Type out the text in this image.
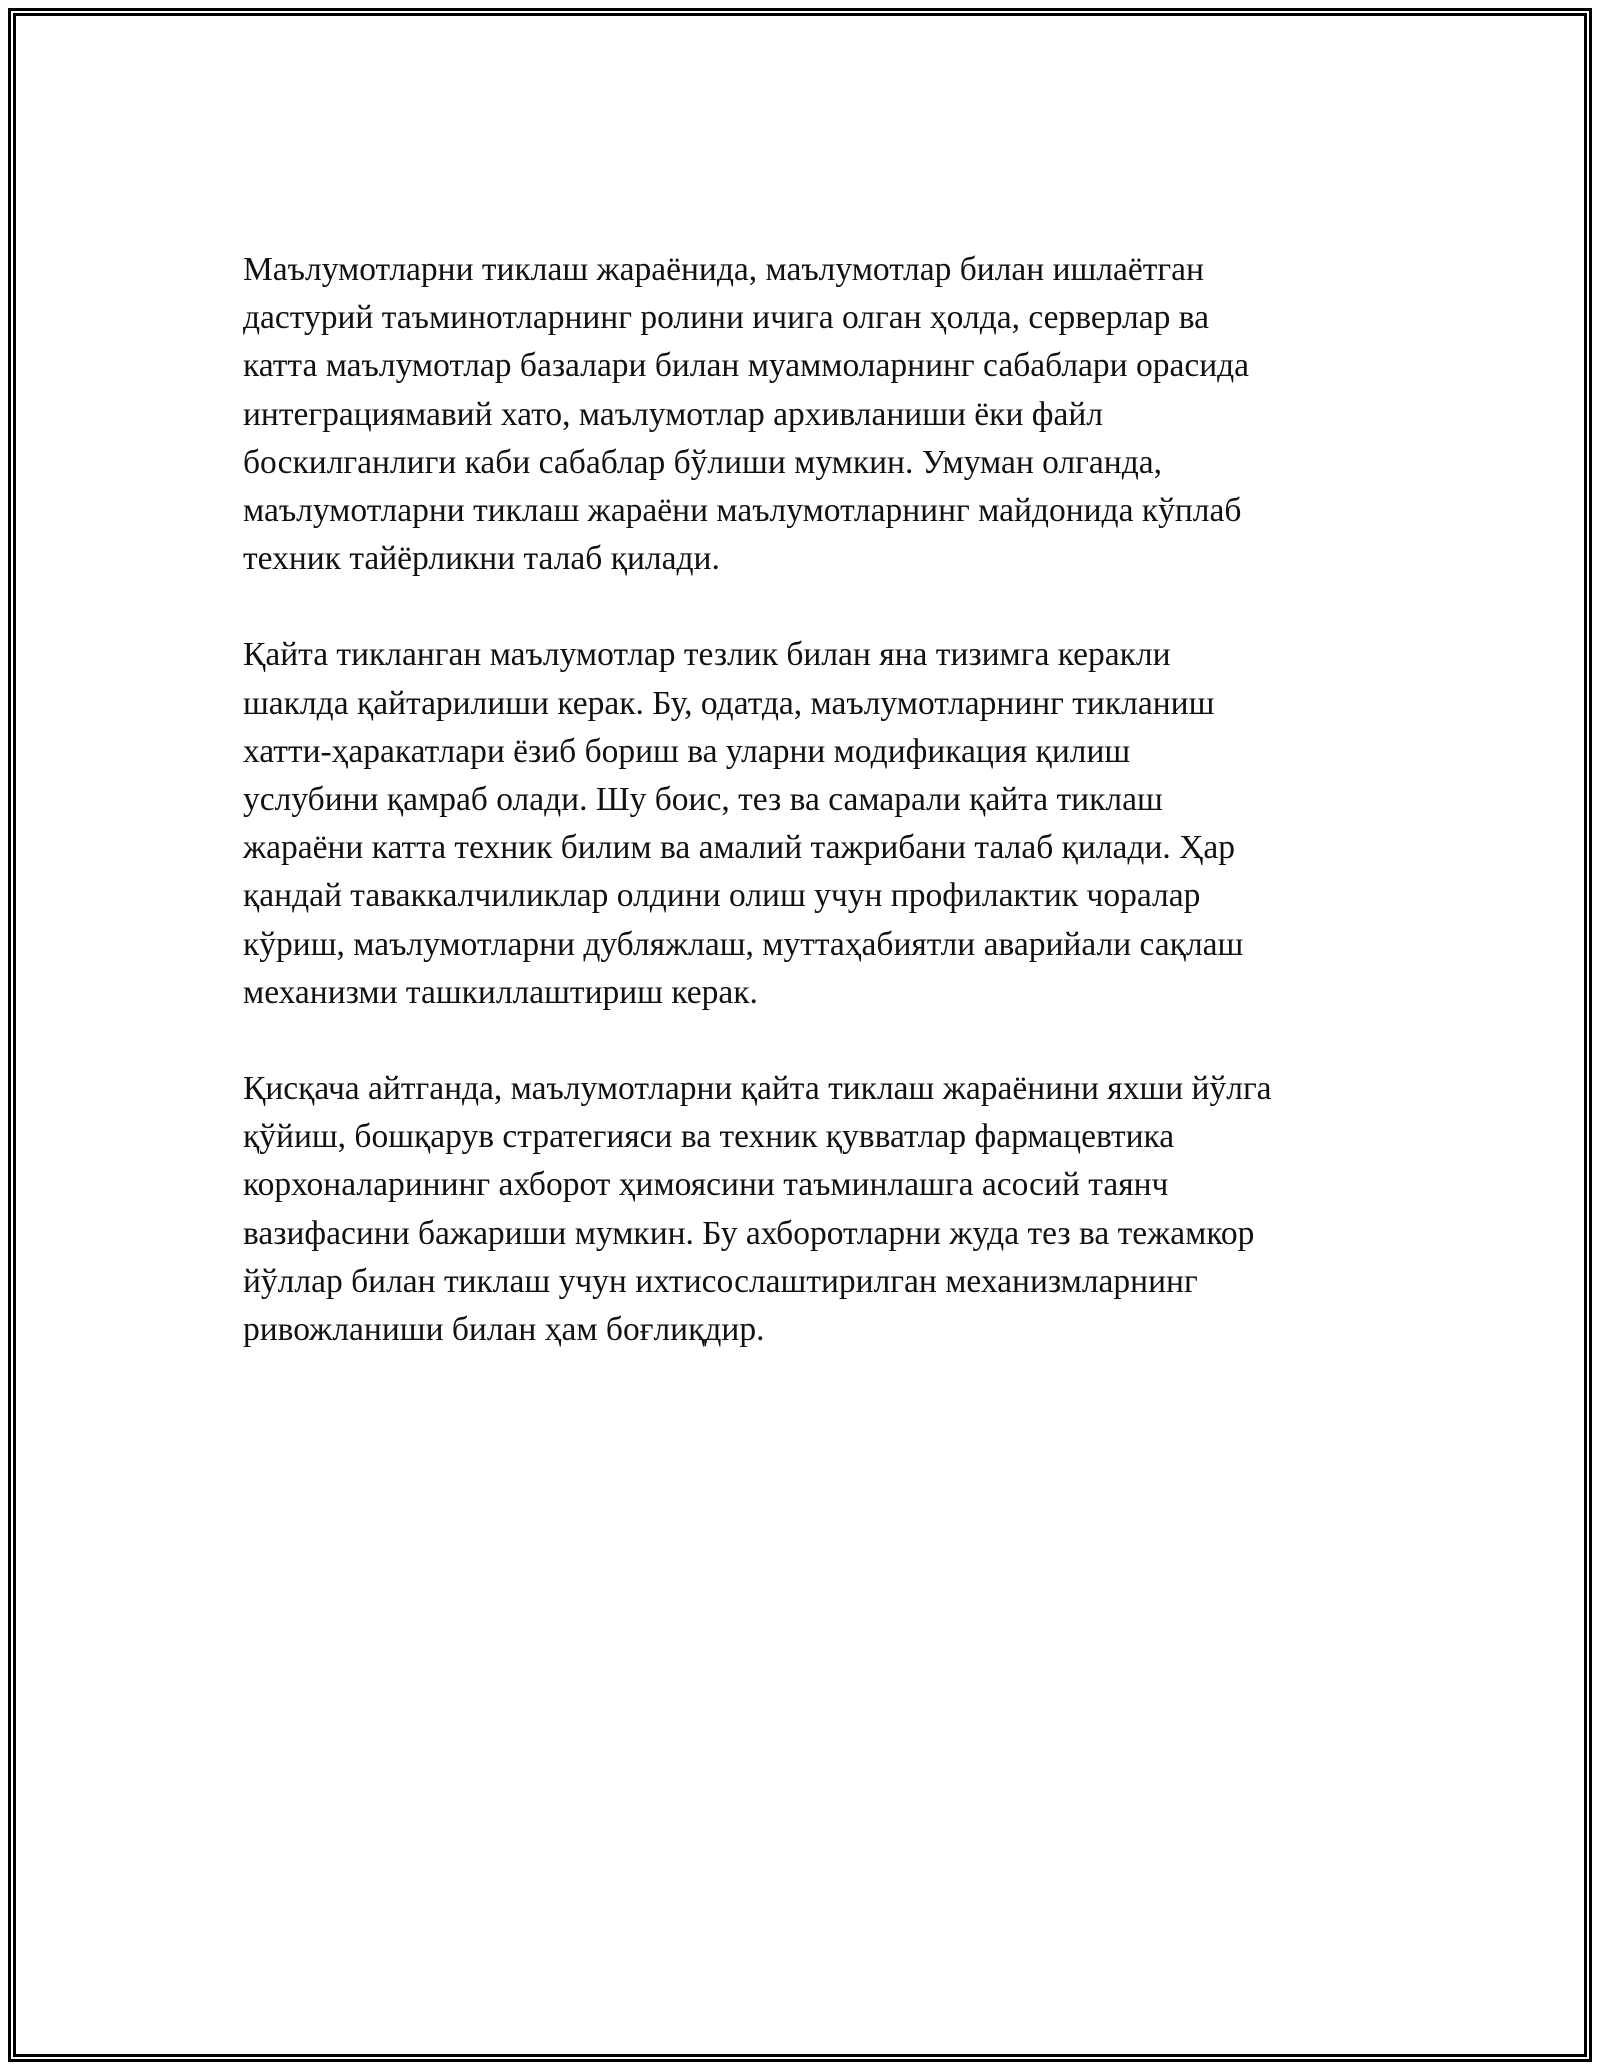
Маълумотларни тиклаш жараёнида, маълумотлар билан ишлаётган
дастурий таъминотларнинг ролини ичига олган ҳолда, серверлар ва
катта маълумотлар базалари билан муаммоларнинг сабаблари орасида
интеграциямавий хато, маълумотлар архивланиши ёки файл
боскилганлиги каби сабаблар бўлиши мумкин. Умуман олганда,
маълумотларни тиклаш жараёни маълумотларнинг майдонида кўплаб
техник тайёрликни талаб қилади.

Қайта тикланган маълумотлар тезлик билан яна тизимга керакли
шаклда қайтарилиши керак. Бу, одатда, маълумотларнинг тикланиш
хатти-ҳаракатлари ёзиб бориш ва уларни модификация қилиш
услубини қамраб олади. Шу боис, тез ва самарали қайта тиклаш
жараёни катта техник билим ва амалий тажрибани талаб қилади. Ҳар
қандай таваккалчиликлар олдини олиш учун профилактик чоралар
кўриш, маълумотларни дубляжлаш, муттаҳабиятли аварийали сақлаш
механизми ташкиллаштириш керак.

Қисқача айтганда, маълумотларни қайта тиклаш жараёнини яхши йўлга
қўйиш, бошқарув стратегияси ва техник қувватлар фармацевтика
корхоналарининг ахборот ҳимоясини таъминлашга асосий таянч
вазифасини бажариши мумкин. Бу ахборотларни жуда тез ва тежамкор
йўллар билан тиклаш учун ихтисослаштирилган механизмларнинг
ривожланиши билан ҳам боғлиқдир.
